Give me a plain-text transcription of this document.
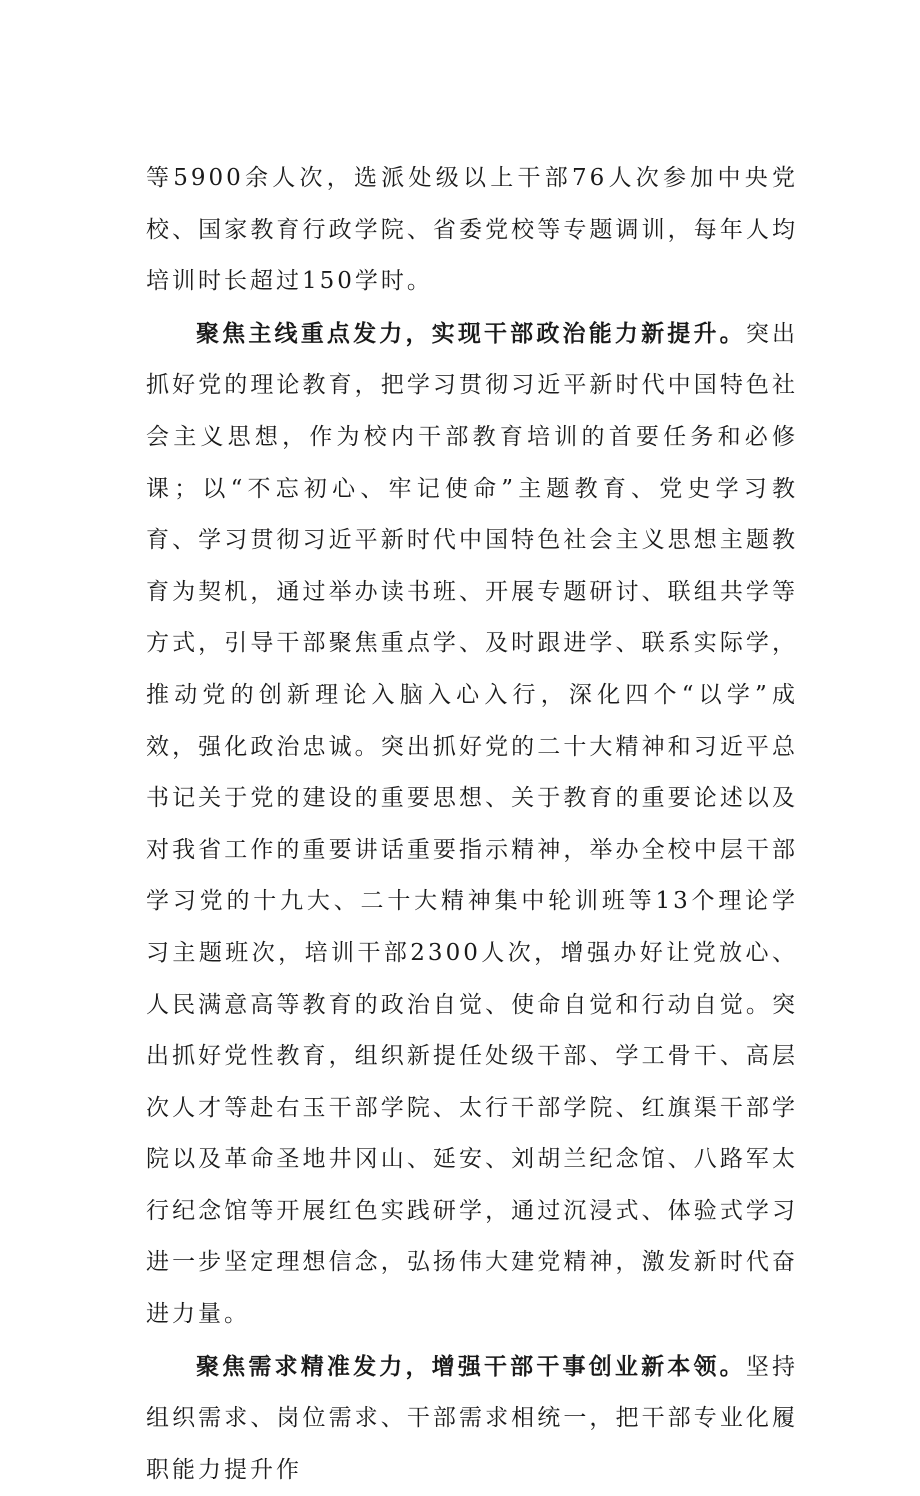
等5900余人次，选派处级以上干部76人次参加中央党校、国家教育行政学院、省委党校等专题调训，每年人均培训时长超过150学时。

聚焦主线重点发力，实现干部政治能力新提升。突出抓好党的理论教育，把学习贯彻习近平新时代中国特色社会主义思想，作为校内干部教育培训的首要任务和必修课；以“不忘初心、牢记使命”主题教育、党史学习教育、学习贯彻习近平新时代中国特色社会主义思想主题教育为契机，通过举办读书班、开展专题研讨、联组共学等方式，引导干部聚焦重点学、及时跟进学、联系实际学，推动党的创新理论入脑入心入行，深化四个“以学”成效，强化政治忠诚。突出抓好党的二十大精神和习近平总书记关于党的建设的重要思想、关于教育的重要论述以及对我省工作的重要讲话重要指示精神，举办全校中层干部学习党的十九大、二十大精神集中轮训班等13个理论学习主题班次，培训干部2300人次，增强办好让党放心、人民满意高等教育的政治自觉、使命自觉和行动自觉。突出抓好党性教育，组织新提任处级干部、学工骨干、高层次人才等赴右玉干部学院、太行干部学院、红旗渠干部学院以及革命圣地井冈山、延安、刘胡兰纪念馆、八路军太行纪念馆等开展红色实践研学，通过沉浸式、体验式学习进一步坚定理想信念，弘扬伟大建党精神，激发新时代奋进力量。

聚焦需求精准发力，增强干部干事创业新本领。坚持组织需求、岗位需求、干部需求相统一，把干部专业化履职能力提升作
